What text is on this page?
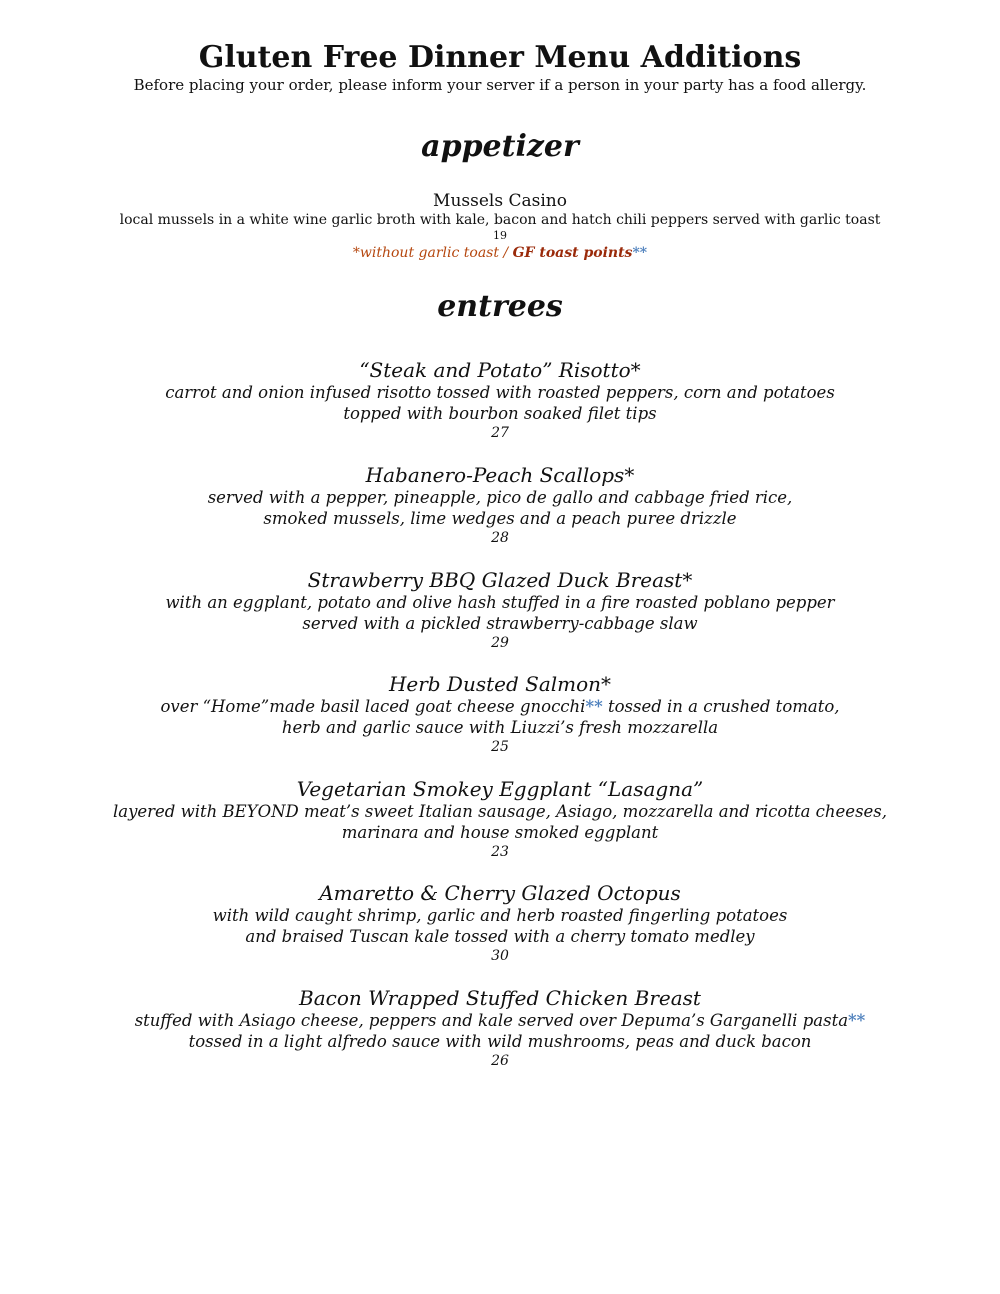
Gluten Free Dinner Menu Additions
Before placing your order, please inform your server if a person in your party has a food allergy.
appetizer
Mussels Casino
local mussels in a white wine garlic broth with kale, bacon and hatch chili peppers served with garlic toast
19
*without garlic toast / GF toast points**
entrees
“Steak and Potato” Risotto*
carrot and onion infused risotto tossed with roasted peppers, corn and potatoes
topped with bourbon soaked filet tips
27
Habanero-Peach Scallops*
served with a pepper, pineapple, pico de gallo and cabbage fried rice,
smoked mussels, lime wedges and a peach puree drizzle
28
Strawberry BBQ Glazed Duck Breast*
with an eggplant, potato and olive hash stuffed in a fire roasted poblano pepper
served with a pickled strawberry-cabbage slaw
29
Herb Dusted Salmon*
over “Home”made basil laced goat cheese gnocchi** tossed in a crushed tomato,
herb and garlic sauce with Liuzzi’s fresh mozzarella
25
Vegetarian Smokey Eggplant “Lasagna”
layered with BEYOND meat’s sweet Italian sausage, Asiago, mozzarella and ricotta cheeses,
marinara and house smoked eggplant
23
Amaretto & Cherry Glazed Octopus
with wild caught shrimp, garlic and herb roasted fingerling potatoes
and braised Tuscan kale tossed with a cherry tomato medley
30
Bacon Wrapped Stuffed Chicken Breast
stuffed with Asiago cheese, peppers and kale served over Depuma’s Garganelli pasta**
tossed in a light alfredo sauce with wild mushrooms, peas and duck bacon
26
